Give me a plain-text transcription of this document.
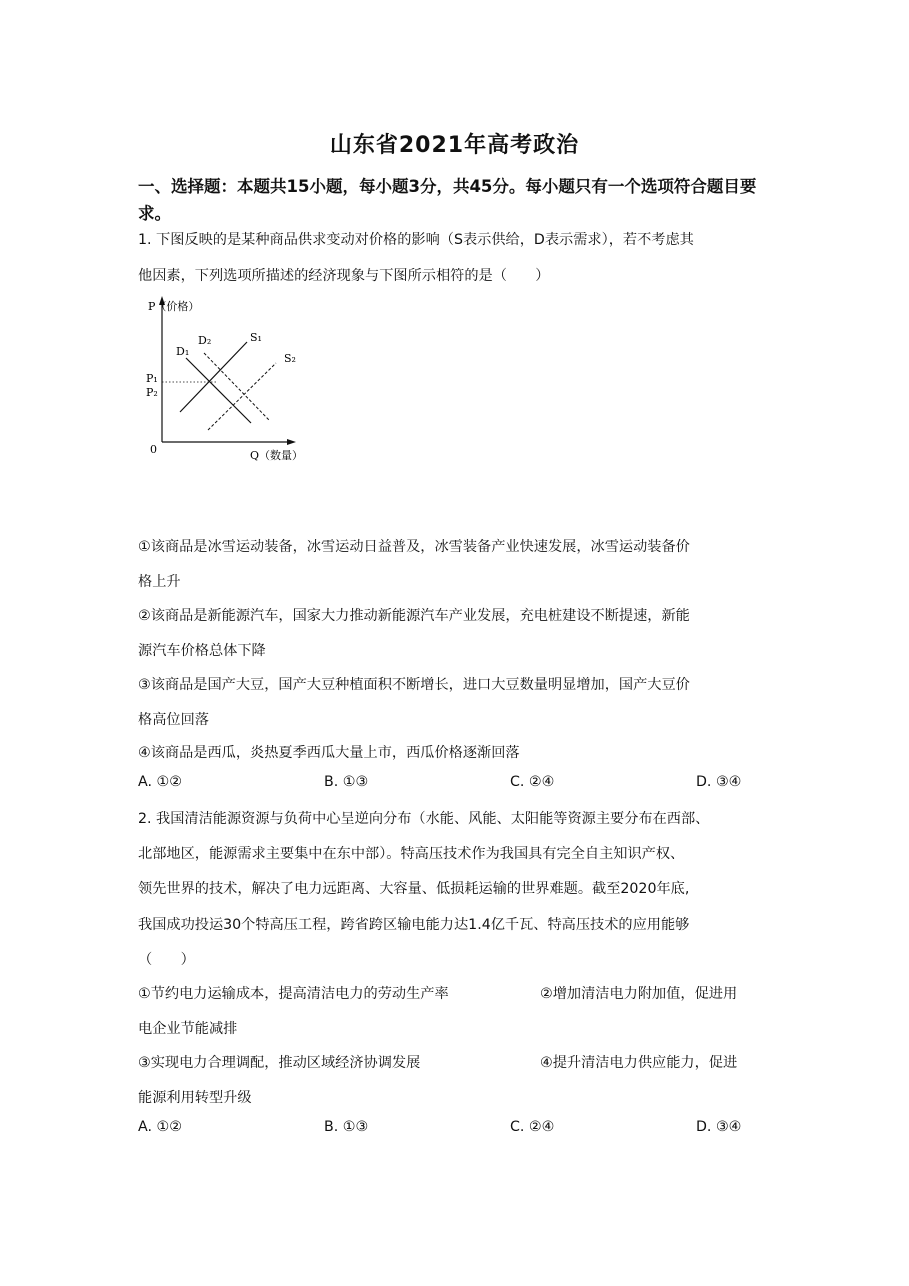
山东省2021年高考政治
一、选择题：本题共15小题，每小题3分，共45分。每小题只有一个选项符合题目要求。
1. 下图反映的是某种商品供求变动对价格的影响（S表示供给，D表示需求），若不考虑其
他因素，下列选项所描述的经济现象与下图所示相符的是（　　）
P（价格）
Q（数量）
0
P₁
P₂
D₁
D₂	S₁
S₂
①该商品是冰雪运动装备，冰雪运动日益普及，冰雪装备产业快速发展，冰雪运动装备价
格上升
②该商品是新能源汽车，国家大力推动新能源汽车产业发展，充电桩建设不断提速，新能
源汽车价格总体下降
③该商品是国产大豆，国产大豆种植面积不断增长，进口大豆数量明显增加，国产大豆价
格高位回落
④该商品是西瓜，炎热夏季西瓜大量上市，西瓜价格逐渐回落
A. ①②	B. ①③	C. ②④	D. ③④
2. 我国清洁能源资源与负荷中心呈逆向分布（水能、风能、太阳能等资源主要分布在西部、
北部地区，能源需求主要集中在东中部）。特高压技术作为我国具有完全自主知识产权、
领先世界的技术，解决了电力远距离、大容量、低损耗运输的世界难题。截至2020年底,
我国成功投运30个特高压工程，跨省跨区输电能力达1.4亿千瓦、特高压技术的应用能够
（　　）
①节约电力运输成本，提高清洁电力的劳动生产率	②增加清洁电力附加值，促进用
电企业节能减排
③实现电力合理调配，推动区域经济协调发展	④提升清洁电力供应能力，促进
能源利用转型升级
A. ①②	B. ①③	C. ②④	D. ③④
